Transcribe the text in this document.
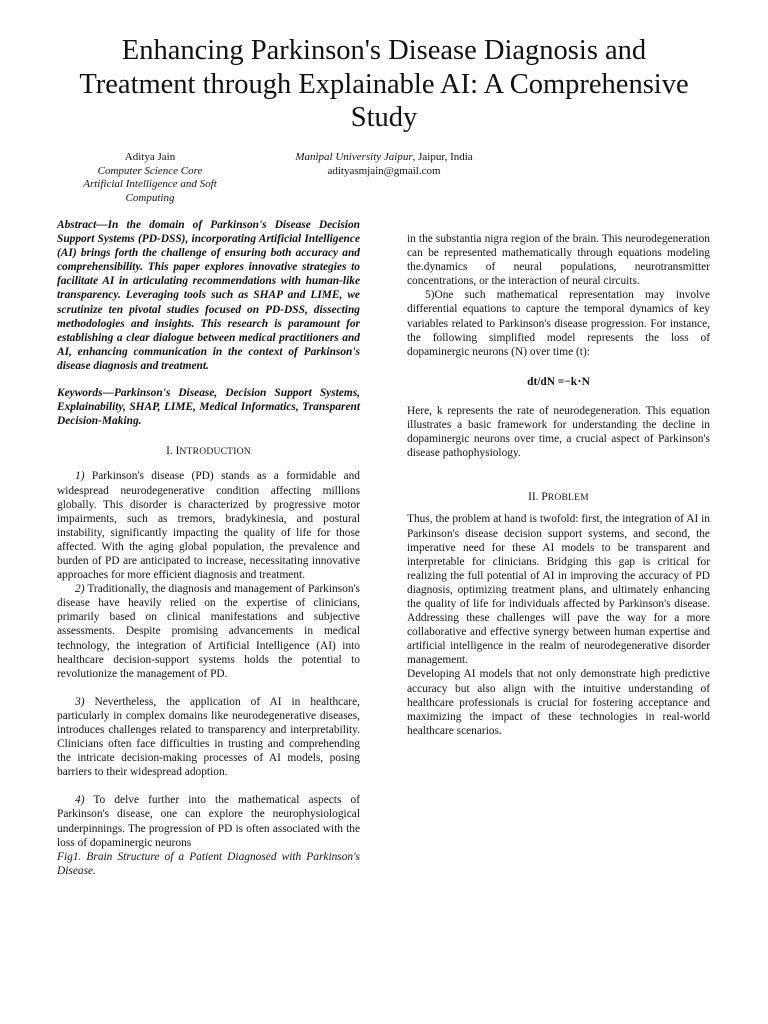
Enhancing Parkinson's Disease Diagnosis and Treatment through Explainable AI: A Comprehensive Study
Aditya Jain
Computer Science Core
Artificial Intelligence and Soft Computing
Manipal University Jaipur, Jaipur, India
adityasmjain@gmail.com

Abstract—In the domain of Parkinson's Disease Decision Support Systems (PD-DSS), incorporating Artificial Intelligence (AI) brings forth the challenge of ensuring both accuracy and comprehensibility. This paper explores innovative strategies to facilitate AI in articulating recommendations with human-like transparency. Leveraging tools such as SHAP and LIME, we scrutinize ten pivotal studies focused on PD-DSS, dissecting methodologies and insights. This research is paramount for establishing a clear dialogue between medical practitioners and AI, enhancing communication in the context of Parkinson's disease diagnosis and treatment.

Keywords—Parkinson's Disease, Decision Support Systems, Explainability, SHAP, LIME, Medical Informatics, Transparent Decision-Making.

I. INTRODUCTION

1) Parkinson's disease (PD) stands as a formidable and widespread neurodegenerative condition affecting millions globally. This disorder is characterized by progressive motor impairments, such as tremors, bradykinesia, and postural instability, significantly impacting the quality of life for those affected. With the aging global population, the prevalence and burden of PD are anticipated to increase, necessitating innovative approaches for more efficient diagnosis and treatment.

2) Traditionally, the diagnosis and management of Parkinson's disease have heavily relied on the expertise of clinicians, primarily based on clinical manifestations and subjective assessments. Despite promising advancements in medical technology, the integration of Artificial Intelligence (AI) into healthcare decision-support systems holds the potential to revolutionize the management of PD.

3) Nevertheless, the application of AI in healthcare, particularly in complex domains like neurodegenerative diseases, introduces challenges related to transparency and interpretability. Clinicians often face difficulties in trusting and comprehending the intricate decision-making processes of AI models, posing barriers to their widespread adoption.

4) To delve further into the mathematical aspects of Parkinson's disease, one can explore the neurophysiological underpinnings. The progression of PD is often associated with the loss of dopaminergic neurons

Fig1. Brain Structure of a Patient Diagnosed with Parkinson's Disease.

in the substantia nigra region of the brain. This neurodegeneration can be represented mathematically through equations modeling the.dynamics of neural populations, neurotransmitter concentrations, or the interaction of neural circuits.

5)One such mathematical representation may involve differential equations to capture the temporal dynamics of key variables related to Parkinson's disease progression. For instance, the following simplified model represents the loss of dopaminergic neurons (N) over time (t):

dt/dN =−k⋅N

Here, k represents the rate of neurodegeneration. This equation illustrates a basic framework for understanding the decline in dopaminergic neurons over time, a crucial aspect of Parkinson's disease pathophysiology.

II. PROBLEM

Thus, the problem at hand is twofold: first, the integration of AI in Parkinson's disease decision support systems, and second, the imperative need for these AI models to be transparent and interpretable for clinicians. Bridging this gap is critical for realizing the full potential of AI in improving the accuracy of PD diagnosis, optimizing treatment plans, and ultimately enhancing the quality of life for individuals affected by Parkinson's disease. Addressing these challenges will pave the way for a more collaborative and effective synergy between human expertise and artificial intelligence in the realm of neurodegenerative disorder management.

Developing AI models that not only demonstrate high predictive accuracy but also align with the intuitive understanding of healthcare professionals is crucial for fostering acceptance and maximizing the impact of these technologies in real-world healthcare scenarios.
